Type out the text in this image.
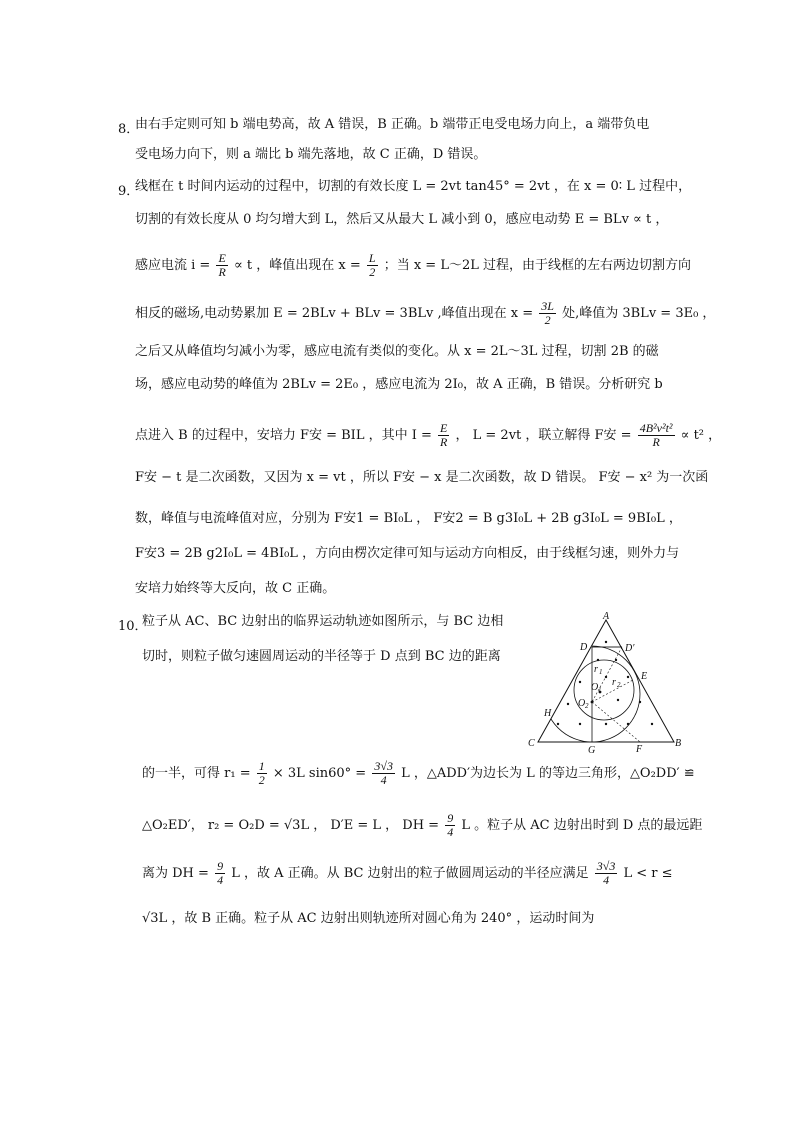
8．
由右手定则可知 b 端电势高，故 A 错误，B 正确。b 端带正电受电场力向上，a 端带负电
受电场力向下，则 a 端比 b 端先落地，故 C 正确，D 错误。
9．
线框在 t 时间内运动的过程中，切割的有效长度 L = 2vt tan45° = 2vt ，在 x = 0∶ L 过程中，
切割的有效长度从 0 均匀增大到 L，然后又从最大 L 减小到 0，感应电动势 E = BLv ∝ t ，
感应电流 $i = \frac{E}{R} \propto t$ ，峰值出现在 $x = \frac{L}{2}$ ；当 x = L～2L 过程，由于线框的左右两边切割方向
相反的磁场,电动势累加 E = 2BLv + BLv = 3BLv ,峰值出现在 $x = \frac{3L}{2}$ 处,峰值为 3BLv = 3E₀ ，
之后又从峰值均匀减小为零，感应电流有类似的变化。从 x = 2L～3L 过程，切割 2B 的磁
场，感应电动势的峰值为 2BLv = 2E₀ ，感应电流为 2I₀，故 A 正确，B 错误。分析研究 b
点进入 B 的过程中，安培力 F安 = BIL ，其中 $I = \frac{E}{R}$ ， L = 2vt ，联立解得 F安 = $\frac{\text{4B²v²t²}}{R} \propto t^2$ ，
F安 − t 是二次函数，又因为 x = vt ，所以 F安 − x 是二次函数，故 D 错误。 F安 − x² 为一次函
数，峰值与电流峰值对应，分别为 F安1 = BI₀L ， F安2 = B g3I₀L + 2B g3I₀L = 9BI₀L ，
F安3 = 2B g2I₀L = 4BI₀L ，方向由楞次定律可知与运动方向相反，由于线框匀速，则外力与
安培力始终等大反向，故 C 正确。
10．
粒子从 AC、BC 边射出的临界运动轨迹如图所示，与 BC 边相
切时，则粒子做匀速圆周运动的半径等于 D 点到 BC 边的距离
的一半，可得 $r_1 = \frac{1}{2} \times 3L$ $\sin 60^\circ = \frac{3√3}{4}$ L ，△ADD′为边长为 L 的等边三角形，△O₂DD′ ≌
△O₂ED′， r₂ = O₂D = √3L ， D′E = L ， DH = $\frac{9}{4}$ L 。粒子从 AC 边射出时到 D 点的最远距
离为 DH = $\frac{9}{4}$ L ，故 A 正确。从 BC 边射出的粒子做圆周运动的半径应满足 $\frac{3√3}{4}$ L < r ≤
√3L ，故 B 正确。粒子从 AC 边射出则轨迹所对圆心角为 240° ，运动时间为
A
C	B
D	D′
E
F
G
H
O 1
O 2
r 1
r 2
